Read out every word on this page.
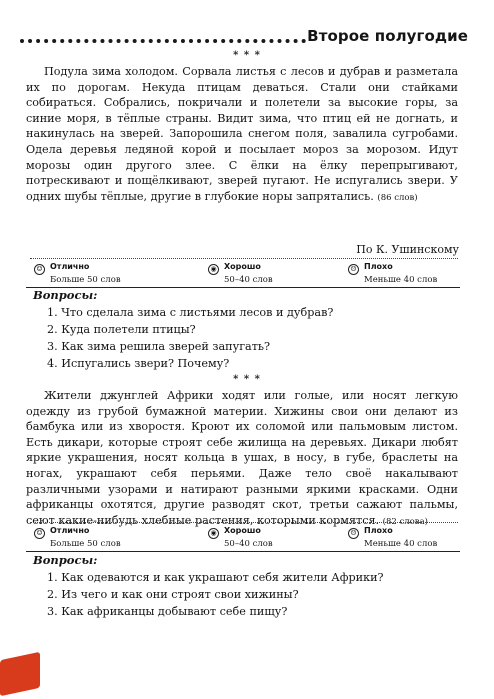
Второе полугодие
* * *

Подула зима холодом. Сорвала листья с лесов и дубрав и разметала их по дорогам. Некуда птицам деваться. Стали они стайками собираться. Собрались, покричали и полетели за высокие горы, за синие моря, в тёплые страны. Видит зима, что птиц ей не догнать, и накинулась на зверей. Запорошила снегом поля, завалила сугробами. Одела деревья ледяной корой и посылает мороз за морозом. Идут морозы один другого злее. С ёлки на ёлку перепрыгивают, потрескивают и пощёлкивают, зверей пугают. Не испугались звери. У одних шубы тёплые, другие в глубокие норы запрятались. (86 слов)

По К. Ушинскому
☺ Отлично
Больше 50 слов
◉ Хорошо
50–40 слов
☹ Плохо
Меньше 40 слов
Вопросы:
1. Что сделала зима с листьями лесов и дубрав?
2. Куда полетели птицы?
3. Как зима решила зверей запугать?
4. Испугались звери? Почему?
* * *

Жители джунглей Африки ходят или голые, или носят легкую одежду из грубой бумажной материи. Хижины свои они делают из бамбука или из хворостя. Кроют их соломой или пальмовым листом. Есть дикари, которые строят себе жилища на деревьях. Дикари любят яркие украшения, носят кольца в ушах, в носу, в губе, браслеты на ногах, украшают себя перьями. Даже тело своё накалывают различными узорами и натирают разными яркими красками. Одни африканцы охотятся, другие разводят скот, третьи сажают пальмы, сеют какие-нибудь хлебные растения, которыми кормятся. (82 слова)

☺ Отлично
Больше 50 слов
◉ Хорошо
50–40 слов
☹ Плохо
Меньше 40 слов
Вопросы:
1. Как одеваются и как украшают себя жители Африки?
2. Из чего и как они строят свои хижины?
3. Как африканцы добывают себе пищу?
